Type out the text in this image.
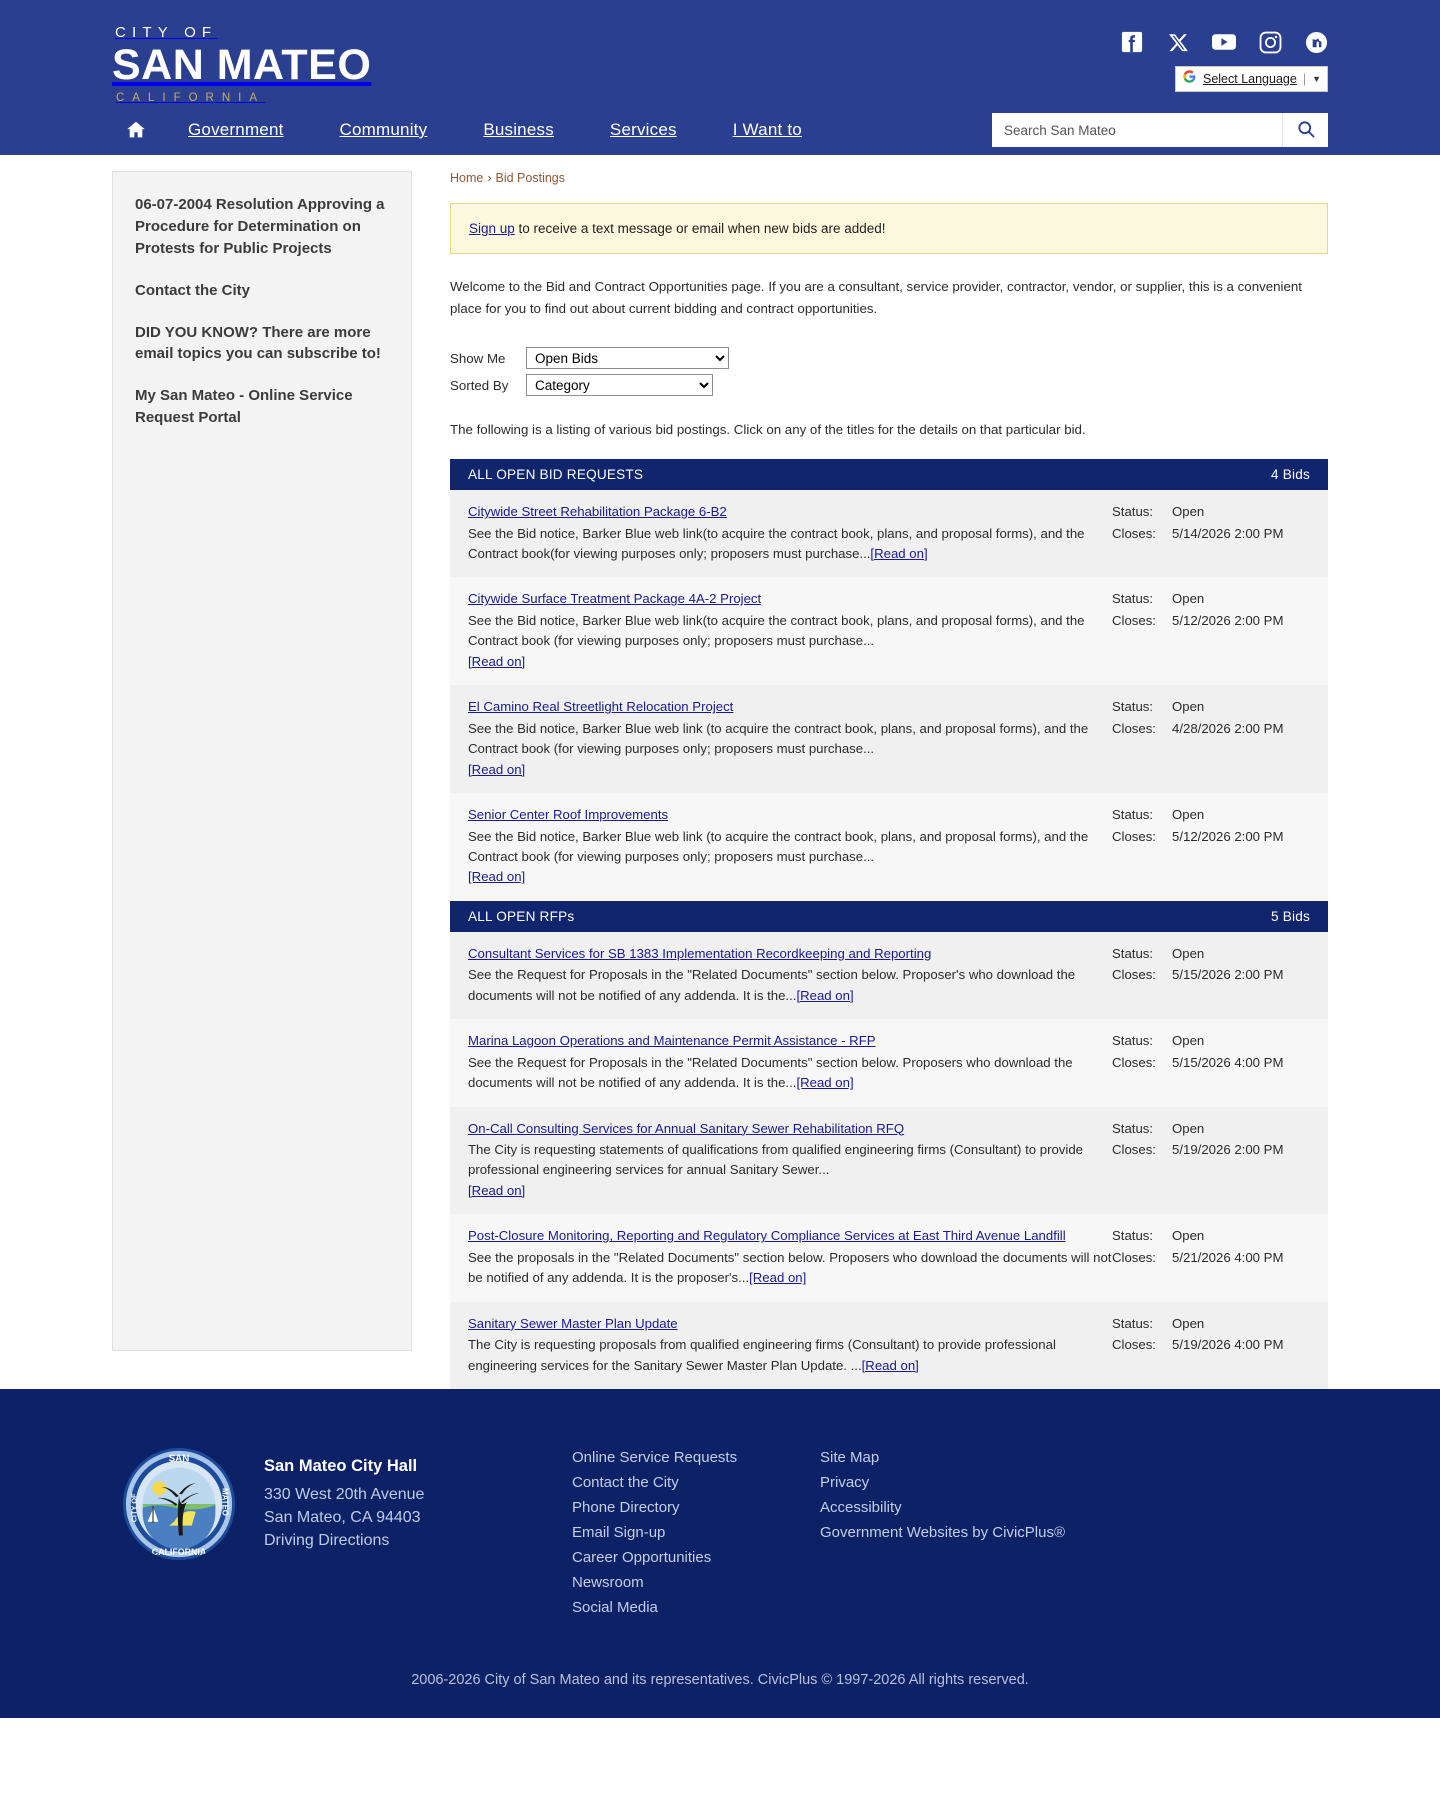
CITY OF
SAN MATEO
CALIFORNIA
Select Language | ▼
Government	Community	Business	Services	I Want to
Search San Mateo
06-07-2004 Resolution Approving a Procedure for Determination on Protests for Public Projects
Contact the City
DID YOU KNOW? There are more email topics you can subscribe to!
My San Mateo - Online Service Request Portal
Home › Bid Postings
Sign up to receive a text message or email when new bids are added!

Welcome to the Bid and Contract Opportunities page. If you are a consultant, service provider, contractor, vendor, or supplier, this is a convenient place for you to find out about current bidding and contract opportunities.

Show Me
Open Bids
Sorted By
Category

The following is a listing of various bid postings. Click on any of the titles for the details on that particular bid.

ALL OPEN BID REQUESTS	4 Bids
Citywide Street Rehabilitation Package 6-B2
See the Bid notice, Barker Blue web link(to acquire the contract book, plans, and proposal forms), and the Contract book(for viewing purposes only; proposers must purchase...[Read on]
Status:	Open
Closes:	5/14/2026 2:00 PM
Citywide Surface Treatment Package 4A-2 Project
See the Bid notice, Barker Blue web link(to acquire the contract book, plans, and proposal forms), and the Contract book (for viewing purposes only; proposers must purchase...
[Read on]
Status:	Open
Closes:	5/12/2026 2:00 PM
El Camino Real Streetlight Relocation Project
See the Bid notice, Barker Blue web link (to acquire the contract book, plans, and proposal forms), and the Contract book (for viewing purposes only; proposers must purchase...
[Read on]
Status:	Open
Closes:	4/28/2026 2:00 PM
Senior Center Roof Improvements
See the Bid notice, Barker Blue web link (to acquire the contract book, plans, and proposal forms), and the Contract book (for viewing purposes only; proposers must purchase...
[Read on]
Status:	Open
Closes:	5/12/2026 2:00 PM
ALL OPEN RFPs	5 Bids
Consultant Services for SB 1383 Implementation Recordkeeping and Reporting
See the Request for Proposals in the "Related Documents" section below. Proposer's who download the documents will not be notified of any addenda. It is the...[Read on]
Status:	Open
Closes:	5/15/2026 2:00 PM
Marina Lagoon Operations and Maintenance Permit Assistance - RFP
See the Request for Proposals in the "Related Documents" section below. Proposers who download the documents will not be notified of any addenda. It is the...[Read on]
Status:	Open
Closes:	5/15/2026 4:00 PM
On-Call Consulting Services for Annual Sanitary Sewer Rehabilitation RFQ
The City is requesting statements of qualifications from qualified engineering firms (Consultant) to provide professional engineering services for annual Sanitary Sewer...
[Read on]
Status:	Open
Closes:	5/19/2026 2:00 PM
Post-Closure Monitoring, Reporting and Regulatory Compliance Services at East Third Avenue Landfill
See the proposals in the "Related Documents" section below. Proposers who download the documents will not be notified of any addenda. It is the proposer's...[Read on]
Status:	Open
Closes:	5/21/2026 4:00 PM
Sanitary Sewer Master Plan Update
The City is requesting proposals from qualified engineering firms (Consultant) to provide professional engineering services for the Sanitary Sewer Master Plan Update. ...[Read on]
Status:	Open
Closes:	5/19/2026 4:00 PM
SAN
CALIFORNIA
CITY OF	MATEO
San Mateo City Hall
330 West 20th Avenue
San Mateo, CA 94403
Driving Directions
Online Service Requests
Contact the City
Phone Directory
Email Sign-up
Career Opportunities
Newsroom
Social Media
Site Map
Privacy
Accessibility
Government Websites by CivicPlus®
2006-2026 City of San Mateo and its representatives. CivicPlus © 1997-2026 All rights reserved.
